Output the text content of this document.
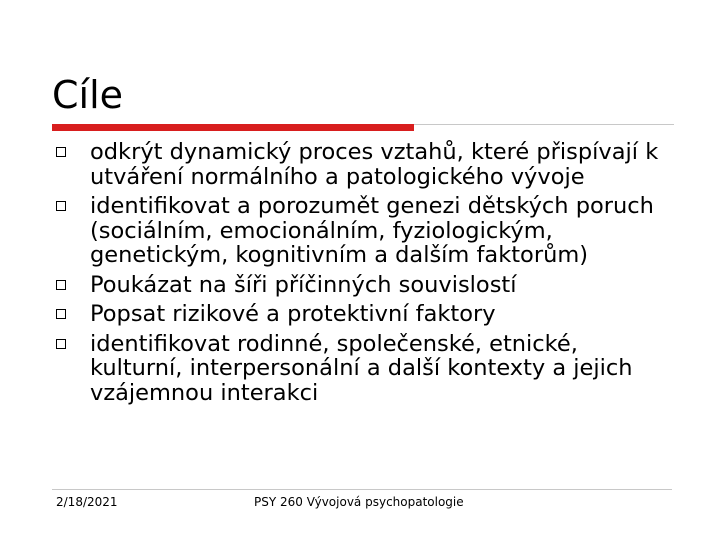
Cíle
odkrýt dynamický proces vztahů, které přispívají k utváření normálního a patologického vývoje
identifikovat a porozumět genezi dětských poruch (sociálním, emocionálním, fyziologickým, genetickým, kognitivním a dalším faktorům)
Poukázat na šíři příčinných souvislostí
Popsat rizikové a protektivní faktory
identifikovat rodinné, společenské, etnické, kulturní, interpersonální a další kontexty a jejich vzájemnou interakci
2/18/2021	PSY 260 Vývojová psychopatologie
